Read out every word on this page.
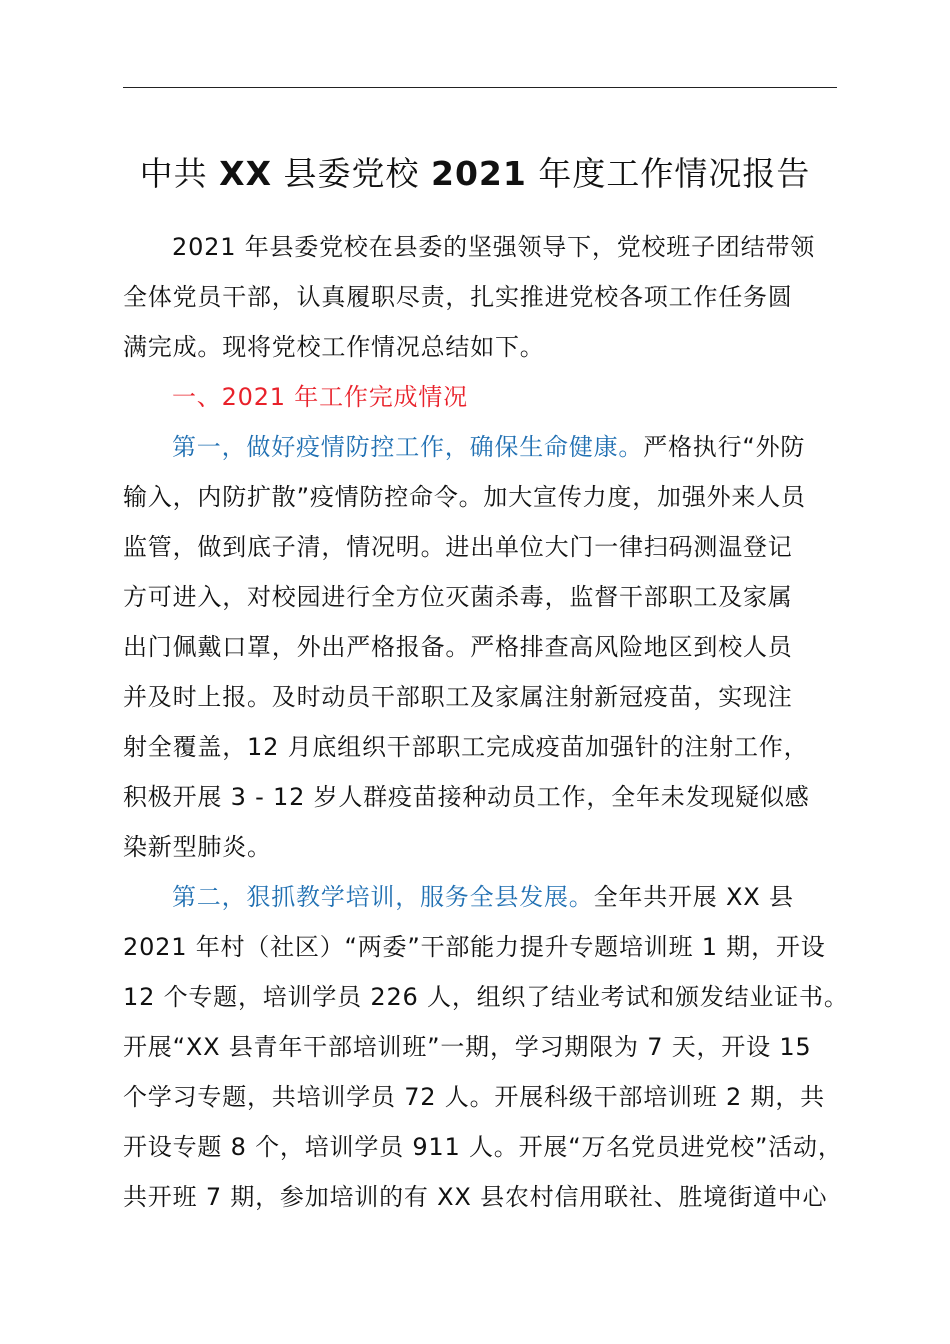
中共 XX 县委党校 2021 年度工作情况报告
2021 年县委党校在县委的坚强领导下，党校班子团结带领
全体党员干部，认真履职尽责，扎实推进党校各项工作任务圆
满完成。现将党校工作情况总结如下。
一、2021 年工作完成情况
第一，做好疫情防控工作，确保生命健康。严格执行“外防
输入，内防扩散”疫情防控命令。加大宣传力度，加强外来人员
监管，做到底子清，情况明。进出单位大门一律扫码测温登记
方可进入，对校园进行全方位灭菌杀毒，监督干部职工及家属
出门佩戴口罩，外出严格报备。严格排查高风险地区到校人员
并及时上报。及时动员干部职工及家属注射新冠疫苗，实现注
射全覆盖，12 月底组织干部职工完成疫苗加强针的注射工作，
积极开展 3 - 12 岁人群疫苗接种动员工作，全年未发现疑似感
染新型肺炎。
第二，狠抓教学培训，服务全县发展。全年共开展 XX 县
2021 年村（社区）“两委”干部能力提升专题培训班 1 期，开设
12 个专题，培训学员 226 人，组织了结业考试和颁发结业证书。
开展“XX 县青年干部培训班”一期，学习期限为 7 天，开设 15
个学习专题，共培训学员 72 人。开展科级干部培训班 2 期，共
开设专题 8 个，培训学员 911 人。开展“万名党员进党校”活动，
共开班 7 期，参加培训的有 XX 县农村信用联社、胜境街道中心
